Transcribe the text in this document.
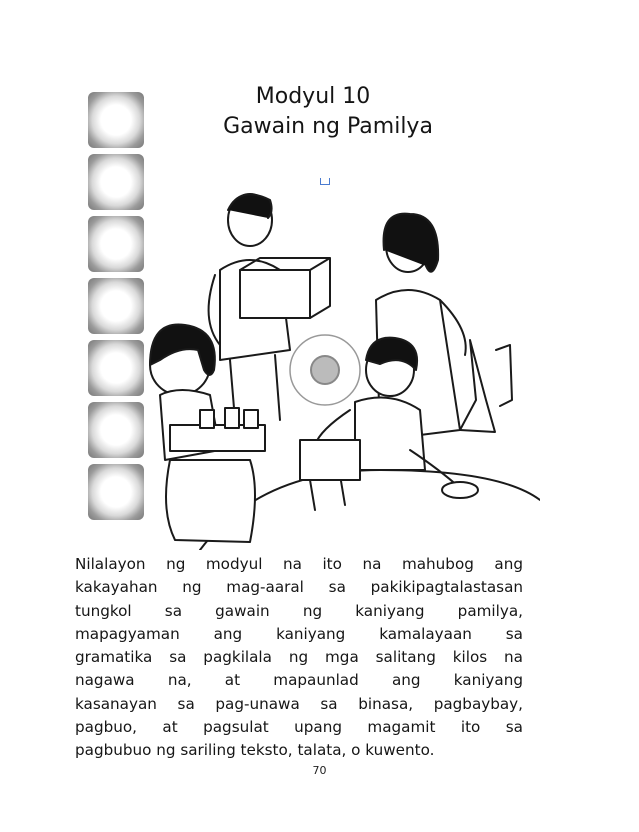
Modyul 10
Gawain ng Pamilya
Nilalayon ng modyul na ito na mahubog ang
kakayahan ng mag-aaral sa pakikipagtalastasan
tungkol sa gawain ng kaniyang pamilya,
mapagyaman ang kaniyang kamalayaan sa
gramatika sa pagkilala ng mga salitang kilos na
nagawa na, at mapaunlad ang kaniyang
kasanayan sa pag-unawa sa binasa, pagbaybay,
pagbuo, at pagsulat upang magamit ito sa
pagbubuo ng sariling teksto, talata, o kuwento.
70
